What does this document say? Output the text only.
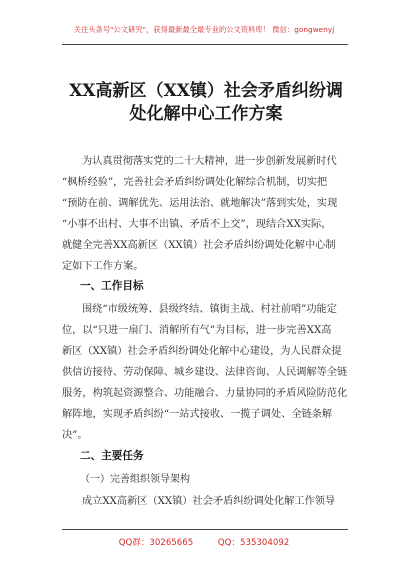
关注头条号"公文研究"，获得最新最全最专业的公文资料库！ 微信：gongwenyj
XX高新区（XX镇）社会矛盾纠纷调
处化解中心工作方案
为认真贯彻落实党的二十大精神，进一步创新发展新时代
“枫桥经验”，完善社会矛盾纠纷调处化解综合机制，切实把
“预防在前、调解优先、运用法治、就地解决”落到实处，实现
“小事不出村、大事不出镇、矛盾不上交”，现结合XX实际，
就健全完善XX高新区（XX镇）社会矛盾纠纷调处化解中心制
定如下工作方案。
一、工作目标
围绕“市级统筹、县级终结、镇街主战、村社前哨”功能定
位，以“只进一扇门、消解所有气”为目标，进一步完善XX高
新区（XX镇）社会矛盾纠纷调处化解中心建设，为人民群众提
供信访接待、劳动保障、城乡建设、法律咨询、人民调解等全链
服务，构筑起资源整合、功能融合、力量协同的矛盾风险防范化
解阵地，实现矛盾纠纷“一站式接收、一揽子调处、全链条解
决”。
二、主要任务
（一）完善组织领导架构
成立XX高新区（XX镇）社会矛盾纠纷调处化解工作领导
QQ群：30265665	QQ：535304092
